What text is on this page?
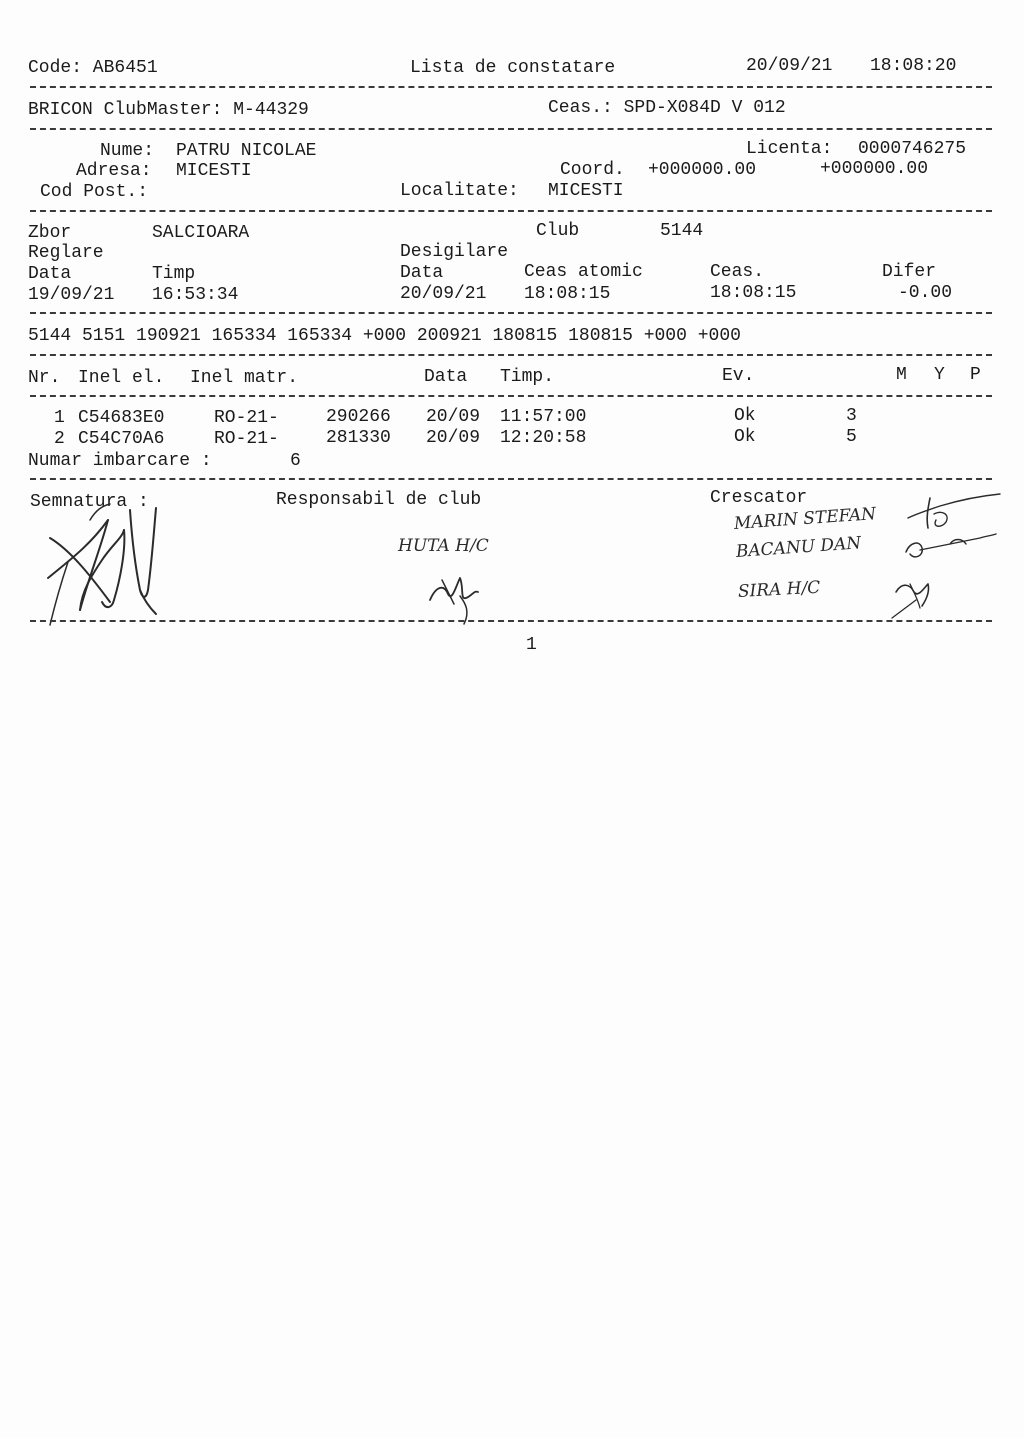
Code: AB6451	Lista de constatare	20/09/21 18:08:20
BRICON ClubMaster: M-44329	Ceas.: SPD-X084D V 012
Nume: PATRU NICOLAE	Licenta: 0000746275
Adresa: MICESTI	Coord. +000000.00	+000000.00
Cod Post.:	Localitate: MICESTI
Zbor	SALCIOARA	Club	5144
Reglare	Desigilare
Data	Timp	Data	Ceas atomic	Ceas.	Difer
19/09/21 16:53:34	20/09/21 18:08:15	18:08:15	-0.00
5144 5151 190921 165334 165334 +000 200921 180815 180815 +000 +000
Nr. Inel el. Inel matr.	Data Timp.	Ev.	M Y P
1 C54683E0	RO-21-	290266 20/09 11:57:00	Ok	3
2 C54C70A6	RO-21-	281330 20/09 12:20:58	Ok	5
Numar imbarcare :	6
Semnatura :	Responsabil de club	Crescator
HUTA H/C
MARIN STEFAN
BACANU DAN
SIRA H/C
1
